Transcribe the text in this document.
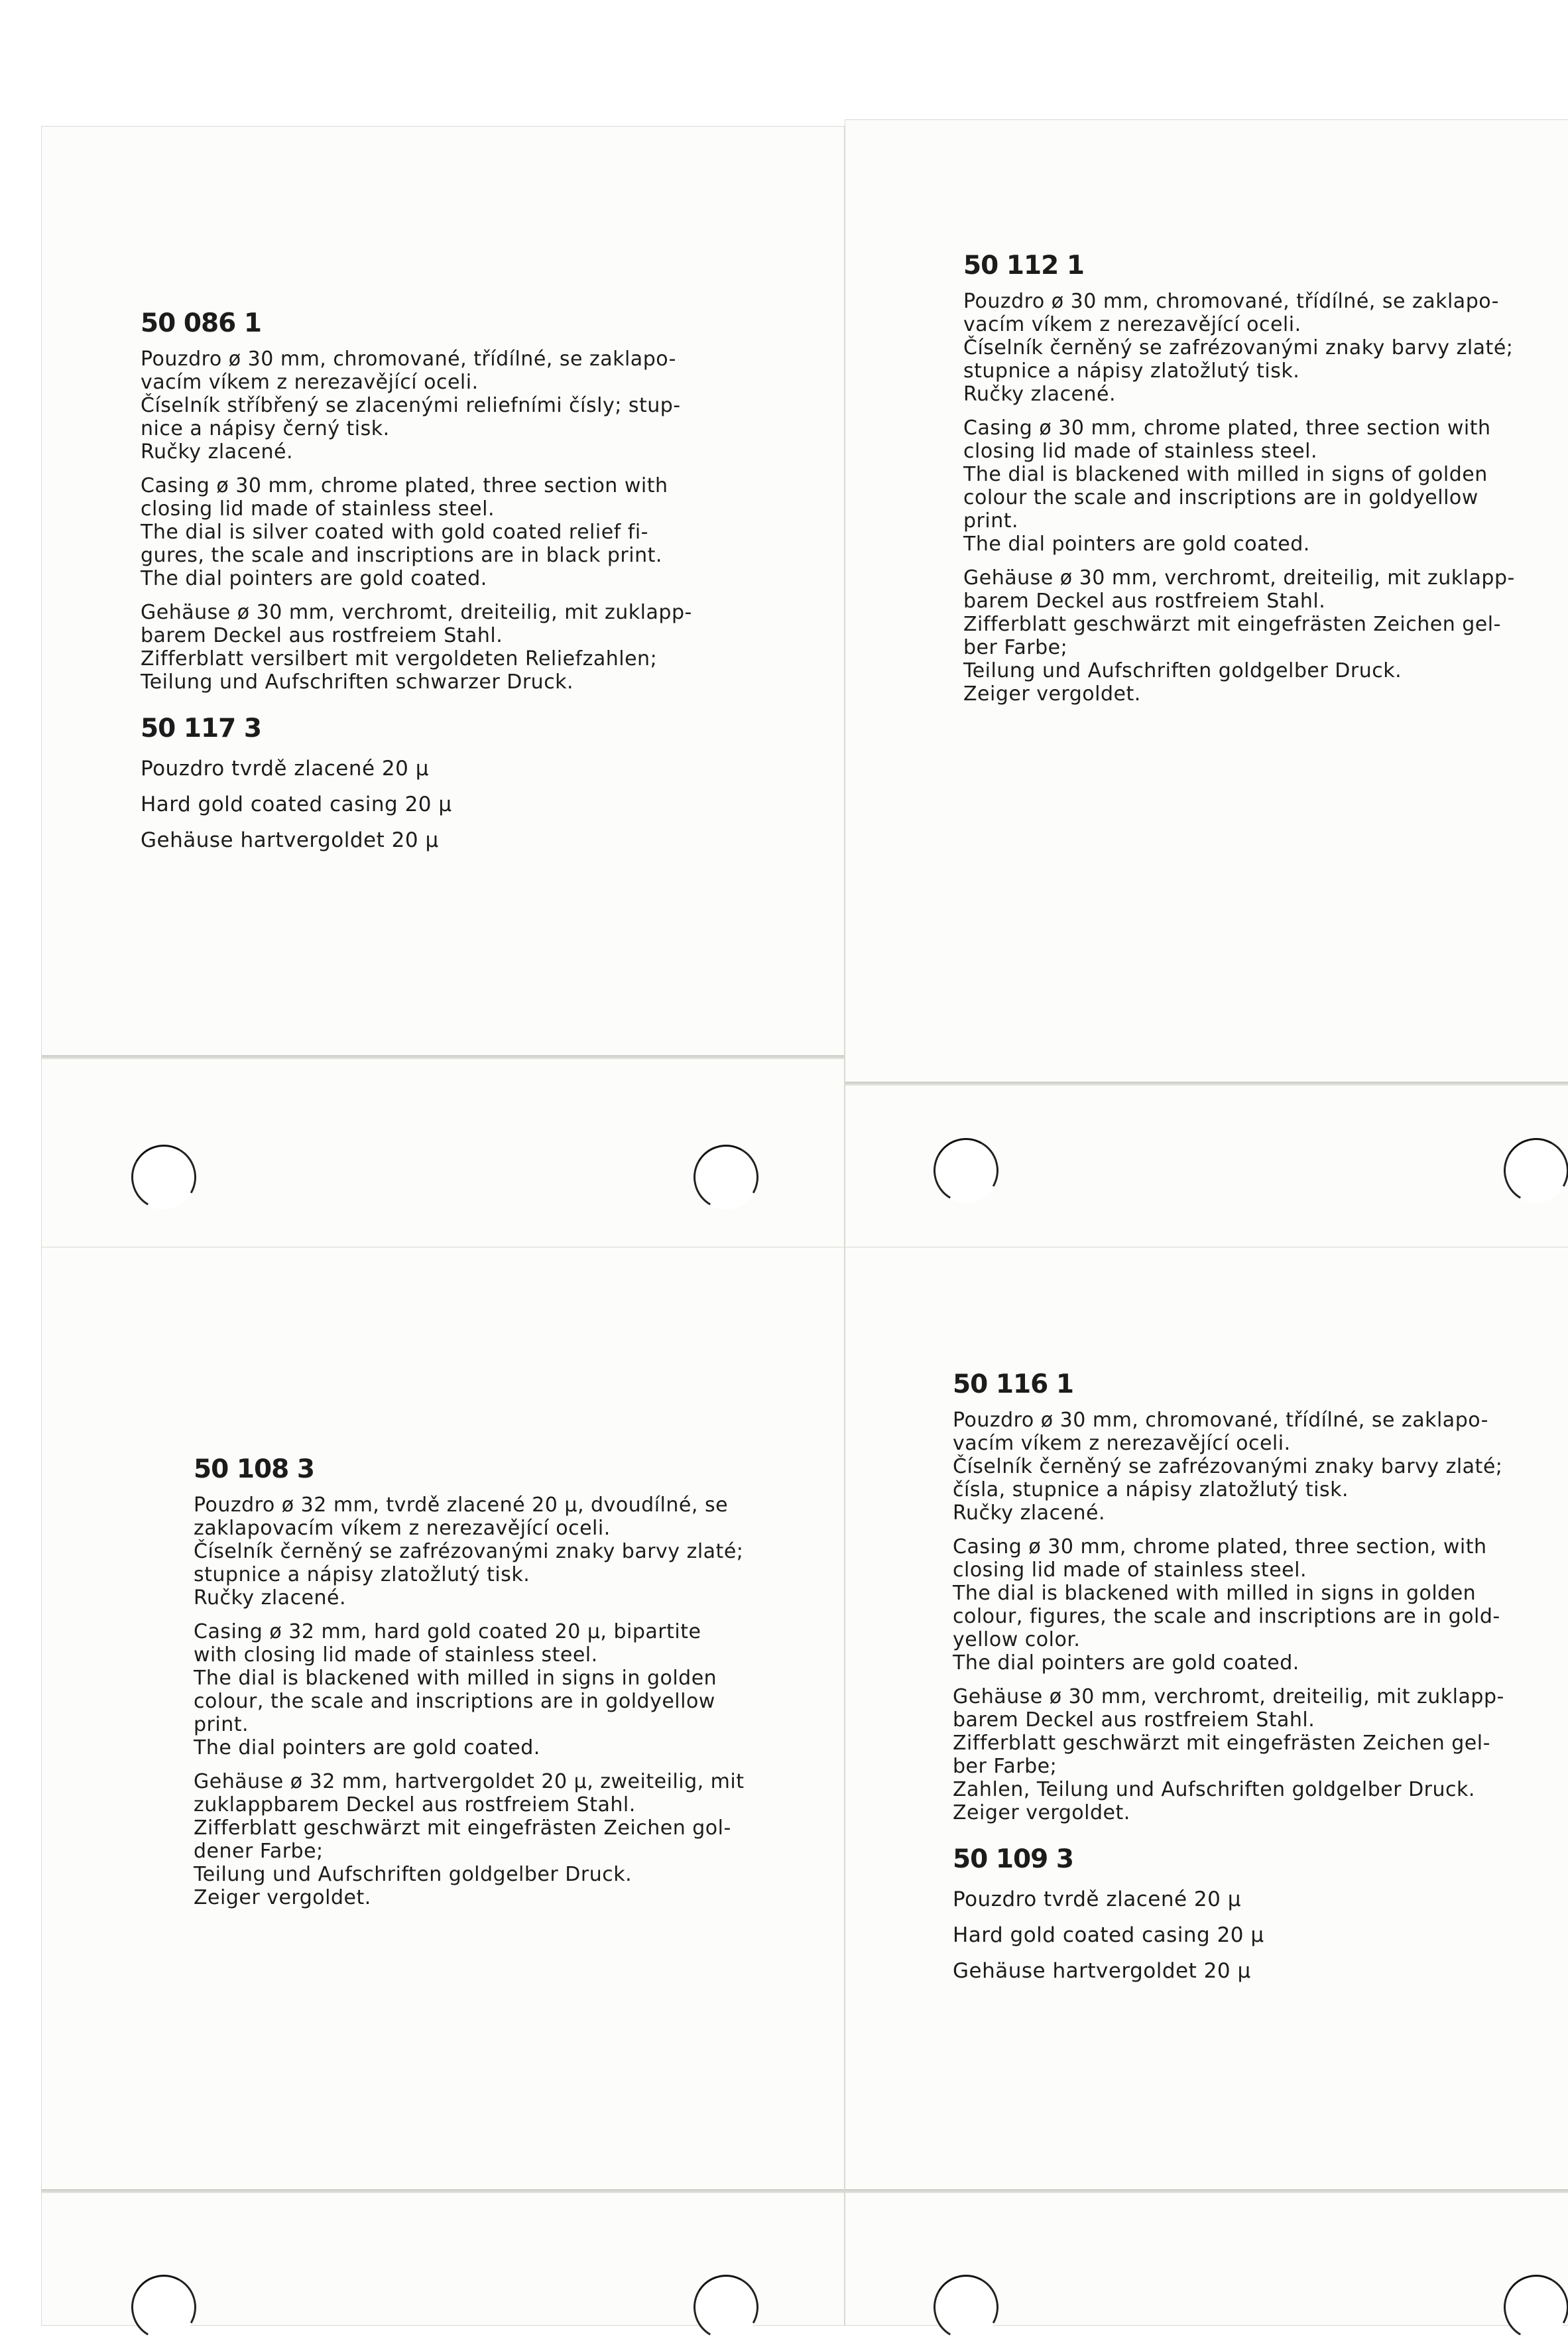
50 086 1
Pouzdro ø 30 mm, chromované, třídílné, se zaklapo-
vacím víkem z nerezavějící oceli.
Číselník stříbřený se zlacenými reliefními čísly; stup-
nice a nápisy černý tisk.
Ručky zlacené.
Casing ø 30 mm, chrome plated, three section with
closing lid made of stainless steel.
The dial is silver coated with gold coated relief fi-
gures, the scale and inscriptions are in black print.
The dial pointers are gold coated.
Gehäuse ø 30 mm, verchromt, dreiteilig, mit zuklapp-
barem Deckel aus rostfreiem Stahl.
Zifferblatt versilbert mit vergoldeten Reliefzahlen;
Teilung und Aufschriften schwarzer Druck.
50 117 3
Pouzdro tvrdě zlacené 20 μ
Hard gold coated casing 20 μ
Gehäuse hartvergoldet 20 μ
50 112 1
Pouzdro ø 30 mm, chromované, třídílné, se zaklapo-
vacím víkem z nerezavějící oceli.
Číselník černěný se zafrézovanými znaky barvy zlaté;
stupnice a nápisy zlatožlutý tisk.
Ručky zlacené.
Casing ø 30 mm, chrome plated, three section with
closing lid made of stainless steel.
The dial is blackened with milled in signs of golden
colour the scale and inscriptions are in goldyellow
print.
The dial pointers are gold coated.
Gehäuse ø 30 mm, verchromt, dreiteilig, mit zuklapp-
barem Deckel aus rostfreiem Stahl.
Zifferblatt geschwärzt mit eingefrästen Zeichen gel-
ber Farbe;
Teilung und Aufschriften goldgelber Druck.
Zeiger vergoldet.
50 108 3
Pouzdro ø 32 mm, tvrdě zlacené 20 μ, dvoudílné, se
zaklapovacím víkem z nerezavějící oceli.
Číselník černěný se zafrézovanými znaky barvy zlaté;
stupnice a nápisy zlatožlutý tisk.
Ručky zlacené.
Casing ø 32 mm, hard gold coated 20 μ, bipartite
with closing lid made of stainless steel.
The dial is blackened with milled in signs in golden
colour, the scale and inscriptions are in goldyellow
print.
The dial pointers are gold coated.
Gehäuse ø 32 mm, hartvergoldet 20 μ, zweiteilig, mit
zuklappbarem Deckel aus rostfreiem Stahl.
Zifferblatt geschwärzt mit eingefrästen Zeichen gol-
dener Farbe;
Teilung und Aufschriften goldgelber Druck.
Zeiger vergoldet.
50 116 1
Pouzdro ø 30 mm, chromované, třídílné, se zaklapo-
vacím víkem z nerezavějící oceli.
Číselník černěný se zafrézovanými znaky barvy zlaté;
čísla, stupnice a nápisy zlatožlutý tisk.
Ručky zlacené.
Casing ø 30 mm, chrome plated, three section, with
closing lid made of stainless steel.
The dial is blackened with milled in signs in golden
colour, figures, the scale and inscriptions are in gold-
yellow color.
The dial pointers are gold coated.
Gehäuse ø 30 mm, verchromt, dreiteilig, mit zuklapp-
barem Deckel aus rostfreiem Stahl.
Zifferblatt geschwärzt mit eingefrästen Zeichen gel-
ber Farbe;
Zahlen, Teilung und Aufschriften goldgelber Druck.
Zeiger vergoldet.
50 109 3
Pouzdro tvrdě zlacené 20 μ
Hard gold coated casing 20 μ
Gehäuse hartvergoldet 20 μ
